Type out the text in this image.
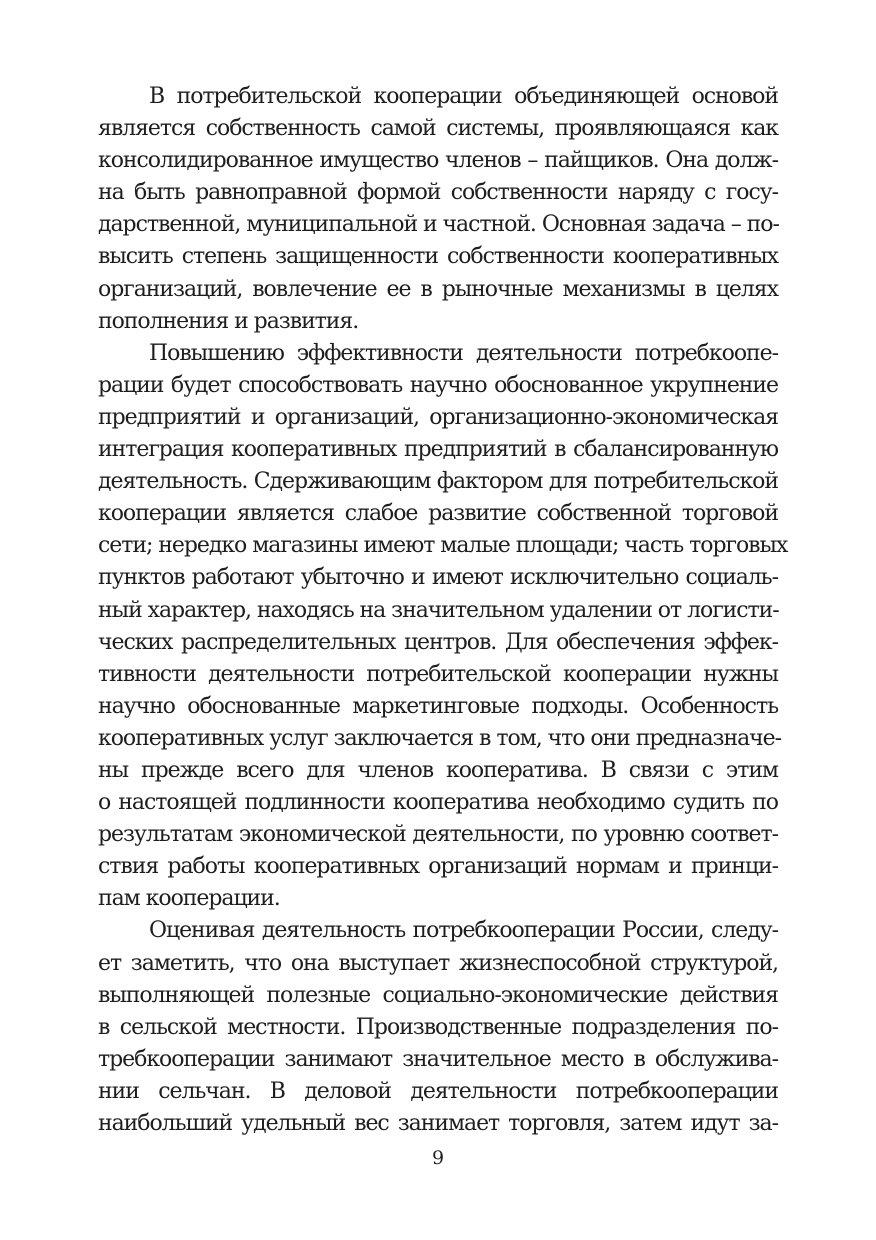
В потребительской кооперации объединяющей основой
является собственность самой системы, проявляющаяся как
консолидированное имущество членов – пайщиков. Она долж-
на быть равноправной формой собственности наряду с госу-
дарственной, муниципальной и частной. Основная задача – по-
высить степень защищенности собственности кооперативных
организаций, вовлечение ее в рыночные механизмы в целях
пополнения и развития.
Повышению эффективности деятельности потребкоопе-
рации будет способствовать научно обоснованное укрупнение
предприятий и организаций, организационно-экономическая
интеграция кооперативных предприятий в сбалансированную
деятельность. Сдерживающим фактором для потребительской
кооперации является слабое развитие собственной торговой
сети; нередко магазины имеют малые площади; часть торговых
пунктов работают убыточно и имеют исключительно социаль-
ный характер, находясь на значительном удалении от логисти-
ческих распределительных центров. Для обеспечения эффек-
тивности деятельности потребительской кооперации нужны
научно обоснованные маркетинговые подходы. Особенность
кооперативных услуг заключается в том, что они предназначе-
ны прежде всего для членов кооператива. В связи с этим
о настоящей подлинности кооператива необходимо судить по
результатам экономической деятельности, по уровню соответ-
ствия работы кооперативных организаций нормам и принци-
пам кооперации.
Оценивая деятельность потребкооперации России, следу-
ет заметить, что она выступает жизнеспособной структурой,
выполняющей полезные социально-экономические действия
в сельской местности. Производственные подразделения по-
требкооперации занимают значительное место в обслужива-
нии сельчан. В деловой деятельности потребкооперации
наибольший удельный вес занимает торговля, затем идут за-
9
